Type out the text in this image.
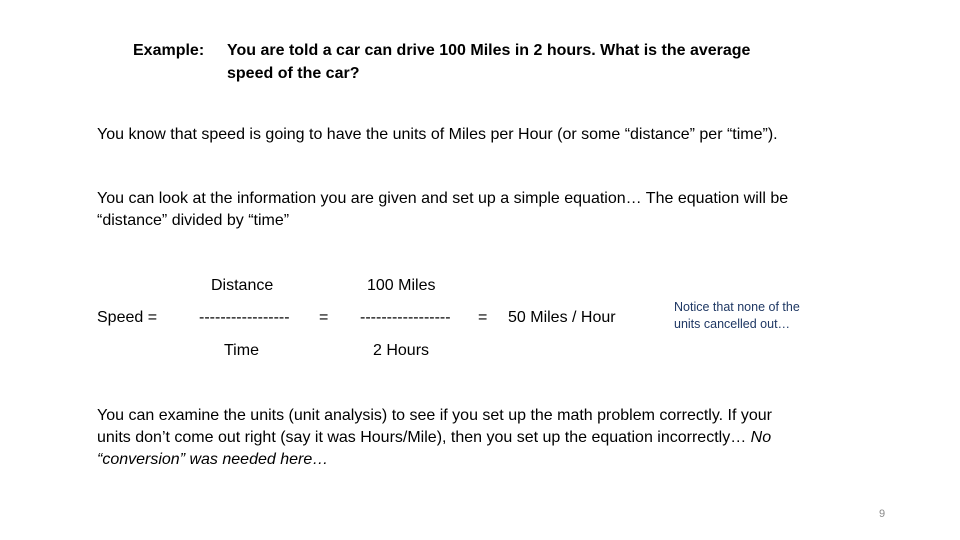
Example: You are told a car can drive 100 Miles in 2 hours. What is the average
speed of the car?
You know that speed is going to have the units of Miles per Hour (or some “distance” per “time”).
You can look at the information you are given and set up a simple equation… The equation will be
“distance” divided by “time”
Distance	100 Miles
Speed =	----------------- = ----------------- = 50 Miles / Hour
Time	2 Hours
Notice that none of the
units cancelled out…
You can examine the units (unit analysis) to see if you set up the math problem correctly. If your
units don’t come out right (say it was Hours/Mile), then you set up the equation incorrectly… No
“conversion” was needed here…
9
